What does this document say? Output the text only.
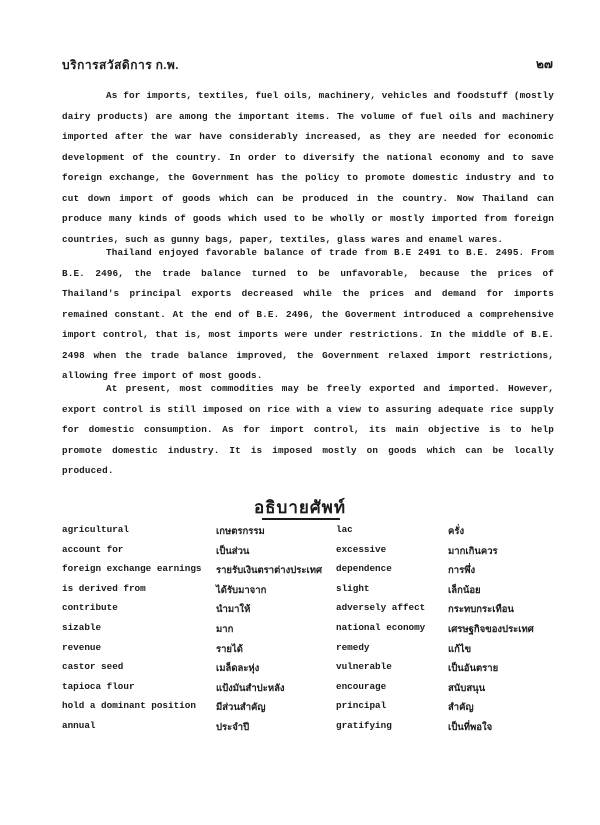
บริการสวัสดิการ ก.พ.	๒๗

As for imports, textiles, fuel oils, machinery, vehicles and foodstuff (mostly dairy products) are among the important items. The volume of fuel oils and machinery imported after the war have considerably increased, as they are needed for economic development of the country. In order to diversify the national economy and to save foreign exchange, the Government has the policy to promote domestic industry and to cut down import of goods which can be produced in the country. Now Thailand can produce many kinds of goods which used to be wholly or mostly imported from foreign countries, such as gunny bags, paper, textiles, glass wares and enamel wares.

Thailand enjoyed favorable balance of trade from B.E 2491 to B.E. 2495. From B.E. 2496, the trade balance turned to be unfavorable, because the prices of Thailand's principal exports decreased while the prices and demand for imports remained constant. At the end of B.E. 2496, the Goverment introduced a comprehensive import control, that is, most imports were under restrictions. In the middle of B.E. 2498 when the trade balance improved, the Government relaxed import restrictions, allowing free import of most goods.

At present, most commodities may be freely exported and imported. However, export control is still imposed on rice with a view to assuring adequate rice supply for domestic consumption. As for import control, its main objective is to help promote domestic industry. It is imposed mostly on goods which can be locally produced.

อธิบายศัพท์
agricultural	เกษตรกรรม	lac	ครั่ง
account for	เป็นส่วน	excessive	มากเกินควร
foreign exchange earnings รายรับเงินตราต่างประเทศ dependence	การพึ่ง
is derived from	ได้รับมาจาก	slight	เล็กน้อย
contribute	นำมาให้	adversely affect กระทบกระเทือน
sizable	มาก	national economy เศรษฐกิจของประเทศ
revenue	รายได้	remedy	แก้ไข
castor seed	เมล็ดละหุ่ง	vulnerable	เป็นอันตราย
tapioca flour	แป้งมันสำปะหลัง	encourage	สนับสนุน
hold a dominant position มีส่วนสำคัญ	principal	สำคัญ
annual	ประจำปี	gratifying	เป็นที่พอใจ
